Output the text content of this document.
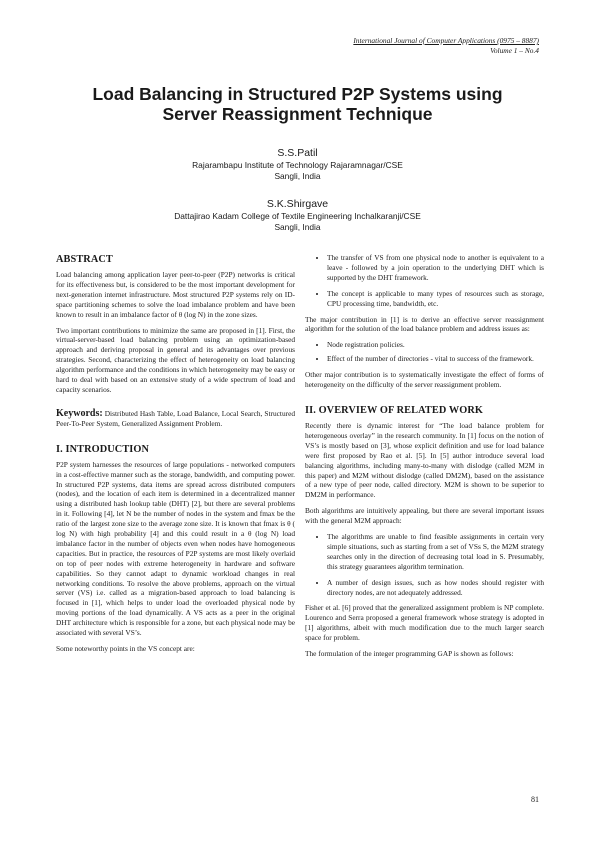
International Journal of Computer Applications (0975 – 8887)
Volume 1 – No.4
Load Balancing in Structured P2P Systems using
Server Reassignment Technique
S.S.Patil
Rajarambapu Institute of Technology Rajaramnagar/CSE
Sangli, India
S.K.Shirgave
Dattajirao Kadam College of Textile Engineering Inchalkaranji/CSE
Sangli, India
ABSTRACT

Load balancing among application layer peer-to-peer (P2P) networks is critical for its effectiveness but, is considered to be the most important development for next-generation internet infrastructure. Most structured P2P systems rely on ID-space partitioning schemes to solve the load imbalance problem and have been known to result in an imbalance factor of θ (log N) in the zone sizes.

Two important contributions to minimize the same are proposed in [1]. First, the virtual-server-based load balancing problem using an optimization-based approach and deriving proposal in general and its advantages over previous strategies. Second, characterizing the effect of heterogeneity on load balancing algorithm performance and the conditions in which heterogeneity may be easy or hard to deal with based on an extensive study of a wide spectrum of load and capacity scenarios.

Keywords: Distributed Hash Table, Load Balance, Local Search, Structured Peer-To-Peer System, Generalized Assignment Problem.

I. INTRODUCTION

P2P system harnesses the resources of large populations - networked computers in a cost-effective manner such as the storage, bandwidth, and computing power. In structured P2P systems, data items are spread across distributed computers (nodes), and the location of each item is determined in a decentralized manner using a distributed hash lookup table (DHT) [2], but there are several problems in it. Following [4], let N be the number of nodes in the system and fmax be the ratio of the largest zone size to the average zone size. It is known that fmax is θ ( log N) with high probability [4] and this could result in a θ (log N) load imbalance factor in the number of objects even when nodes have homogeneous capacities. But in practice, the resources of P2P systems are most likely overlaid on top of peer nodes with extreme heterogeneity in hardware and software capabilities. So they cannot adapt to dynamic workload changes in real networking conditions. To resolve the above problems, approach on the virtual server (VS) i.e. called as a migration-based approach to load balancing is focused in [1], which helps to under load the overloaded physical node by moving portions of the load dynamically. A VS acts as a peer in the original DHT architecture which is responsible for a zone, but each physical node may be associated with several VS’s.

Some noteworthy points in the VS concept are:

• The transfer of VS from one physical node to another is equivalent to a leave - followed by a join operation to the underlying DHT which is supported by the DHT framework.
• The concept is applicable to many types of resources such as storage, CPU processing time, bandwidth, etc.

The major contribution in [1] is to derive an effective server reassignment algorithm for the solution of the load balance problem and address issues as:

• Node registration policies.
• Effect of the number of directories - vital to success of the framework.

Other major contribution is to systematically investigate the effect of forms of heterogeneity on the difficulty of the server reassignment problem.

II. OVERVIEW OF RELATED WORK

Recently there is dynamic interest for “The load balance problem for heterogeneous overlay” in the research community. In [1] focus on the notion of VS’s is mostly based on [3], whose explicit definition and use for load balance were first proposed by Rao et al. [5]. In [5] author introduce several load balancing algorithms, including many-to-many with dislodge (called M2M in this paper) and M2M without dislodge (called DM2M), based on the assistance of a new type of peer node, called directory. M2M is shown to be superior to DM2M in performance.

Both algorithms are intuitively appealing, but there are several important issues with the general M2M approach:

• The algorithms are unable to find feasible assignments in certain very simple situations, such as starting from a set of VSs S, the M2M strategy searches only in the direction of decreasing total load in S. Presumably, this strategy guarantees algorithm termination.
• A number of design issues, such as how nodes should register with directory nodes, are not adequately addressed.

Fisher et al. [6] proved that the generalized assignment problem is NP complete. Lourenco and Serra proposed a general framework whose strategy is adopted in [1] algorithms, albeit with much modification due to the much larger search space for problem.

The formulation of the integer programming GAP is shown as follows:

81
